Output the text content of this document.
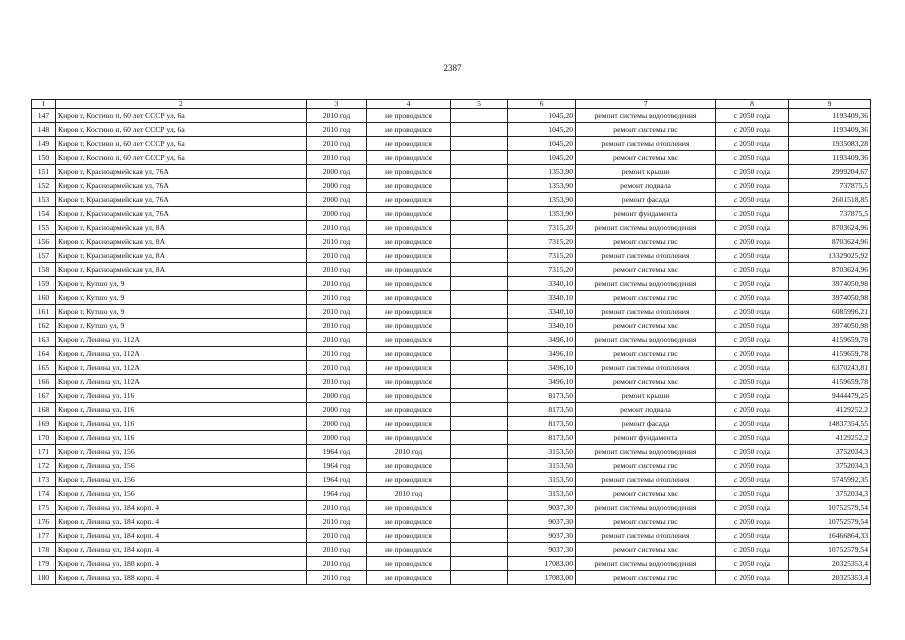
2387
1	2	3	4	5	6	7	8	9
147	Киров г, Костино п, 60 лет СССР ул, 6а	2010 год	не проводился		1045,20	ремонт системы водоотведения	с 2050 года	1193409,36
148	Киров г, Костино п, 60 лет СССР ул, 6а	2010 год	не проводился		1045,20	ремонт системы гвс	с 2050 года	1193409,36
149	Киров г, Костино п, 60 лет СССР ул, 6а	2010 год	не проводился		1045,20	ремонт системы отопления	с 2050 года	1935083,28
150	Киров г, Костино п, 60 лет СССР ул, 6а	2010 год	не проводился		1045,20	ремонт системы хвс	с 2050 года	1193409,36
151	Киров г, Красноармейская ул, 76А	2000 год	не проводился		1353,90	ремонт крыши	с 2050 года	2999204,67
152	Киров г, Красноармейская ул, 76А	2000 год	не проводился		1353,90	ремонт подвала	с 2050 года	737875,5
153	Киров г, Красноармейская ул, 76А	2000 год	не проводился		1353,90	ремонт фасада	с 2050 года	2601518,85
154	Киров г, Красноармейская ул, 76А	2000 год	не проводился		1353,90	ремонт фундамента	с 2050 года	737875,5
155	Киров г, Красноармейская ул, 8А	2010 год	не проводился		7315,20	ремонт системы водоотведения	с 2050 года	8703624,96
156	Киров г, Красноармейская ул, 8А	2010 год	не проводился		7315,20	ремонт системы гвс	с 2050 года	8703624,96
157	Киров г, Красноармейская ул, 8А	2010 год	не проводился		7315,20	ремонт системы отопления	с 2050 года	13329025,92
158	Киров г, Красноармейская ул, 8А	2010 год	не проводился		7315,20	ремонт системы хвс	с 2050 года	8703624,96
159	Киров г, Кутшо ул, 9	2010 год	не проводился		3340,10	ремонт системы водоотведения	с 2050 года	3974050,98
160	Киров г, Кутшо ул, 9	2010 год	не проводился		3340,10	ремонт системы гвс	с 2050 года	3974050,98
161	Киров г, Кутшо ул, 9	2010 год	не проводился		3340,10	ремонт системы отопления	с 2050 года	6085996,21
162	Киров г, Кутшо ул, 9	2010 год	не проводился		3340,10	ремонт системы хвс	с 2050 года	3974050,98
163	Киров г, Ленина ул, 112А	2010 год	не проводился		3496,10	ремонт системы водоотведения	с 2050 года	4159659,78
164	Киров г, Ленина ул, 112А	2010 год	не проводился		3496,10	ремонт системы гвс	с 2050 года	4159659,78
165	Киров г, Ленина ул, 112А	2010 год	не проводился		3496,10	ремонт системы отопления	с 2050 года	6370243,81
166	Киров г, Ленина ул, 112А	2010 год	не проводился		3496,10	ремонт системы хвс	с 2050 года	4159659,78
167	Киров г, Ленина ул, 116	2000 год	не проводился		8173,50	ремонт крыши	с 2050 года	9444479,25
168	Киров г, Ленина ул, 116	2000 год	не проводился		8173,50	ремонт подвала	с 2050 года	4129252,2
169	Киров г, Ленина ул, 116	2000 год	не проводился		8173,50	ремонт фасада	с 2050 года	14837354,55
170	Киров г, Ленина ул, 116	2000 год	не проводился		8173,50	ремонт фундамента	с 2050 года	4129252,2
171	Киров г, Ленина ул, 156	1964 год	2010 год		3153,50	ремонт системы водоотведения	с 2050 года	3752034,3
172	Киров г, Ленина ул, 156	1964 год	не проводился		3153,50	ремонт системы гвс	с 2050 года	3752034,3
173	Киров г, Ленина ул, 156	1964 год	не проводился		3153,50	ремонт системы отопления	с 2050 года	5745992,35
174	Киров г, Ленина ул, 156	1964 год	2010 год		3153,50	ремонт системы хвс	с 2050 года	3752034,3
175	Киров г, Ленина ул, 184 корп. 4	2010 год	не проводился		9037,30	ремонт системы водоотведения	с 2050 года	10752579,54
176	Киров г, Ленина ул, 184 корп. 4	2010 год	не проводился		9037,30	ремонт системы гвс	с 2050 года	10752579,54
177	Киров г, Ленина ул, 184 корп. 4	2010 год	не проводился		9037,30	ремонт системы отопления	с 2050 года	16466864,33
178	Киров г, Ленина ул, 184 корп. 4	2010 год	не проводился		9037,30	ремонт системы хвс	с 2050 года	10752579,54
179	Киров г, Ленина ул, 188 корп. 4	2010 год	не проводился		17083,00	ремонт системы водоотведения	с 2050 года	20325353,4
180	Киров г, Ленина ул, 188 корп. 4	2010 год	не проводился		17083,00	ремонт системы гвс	с 2050 года	20325353,4
